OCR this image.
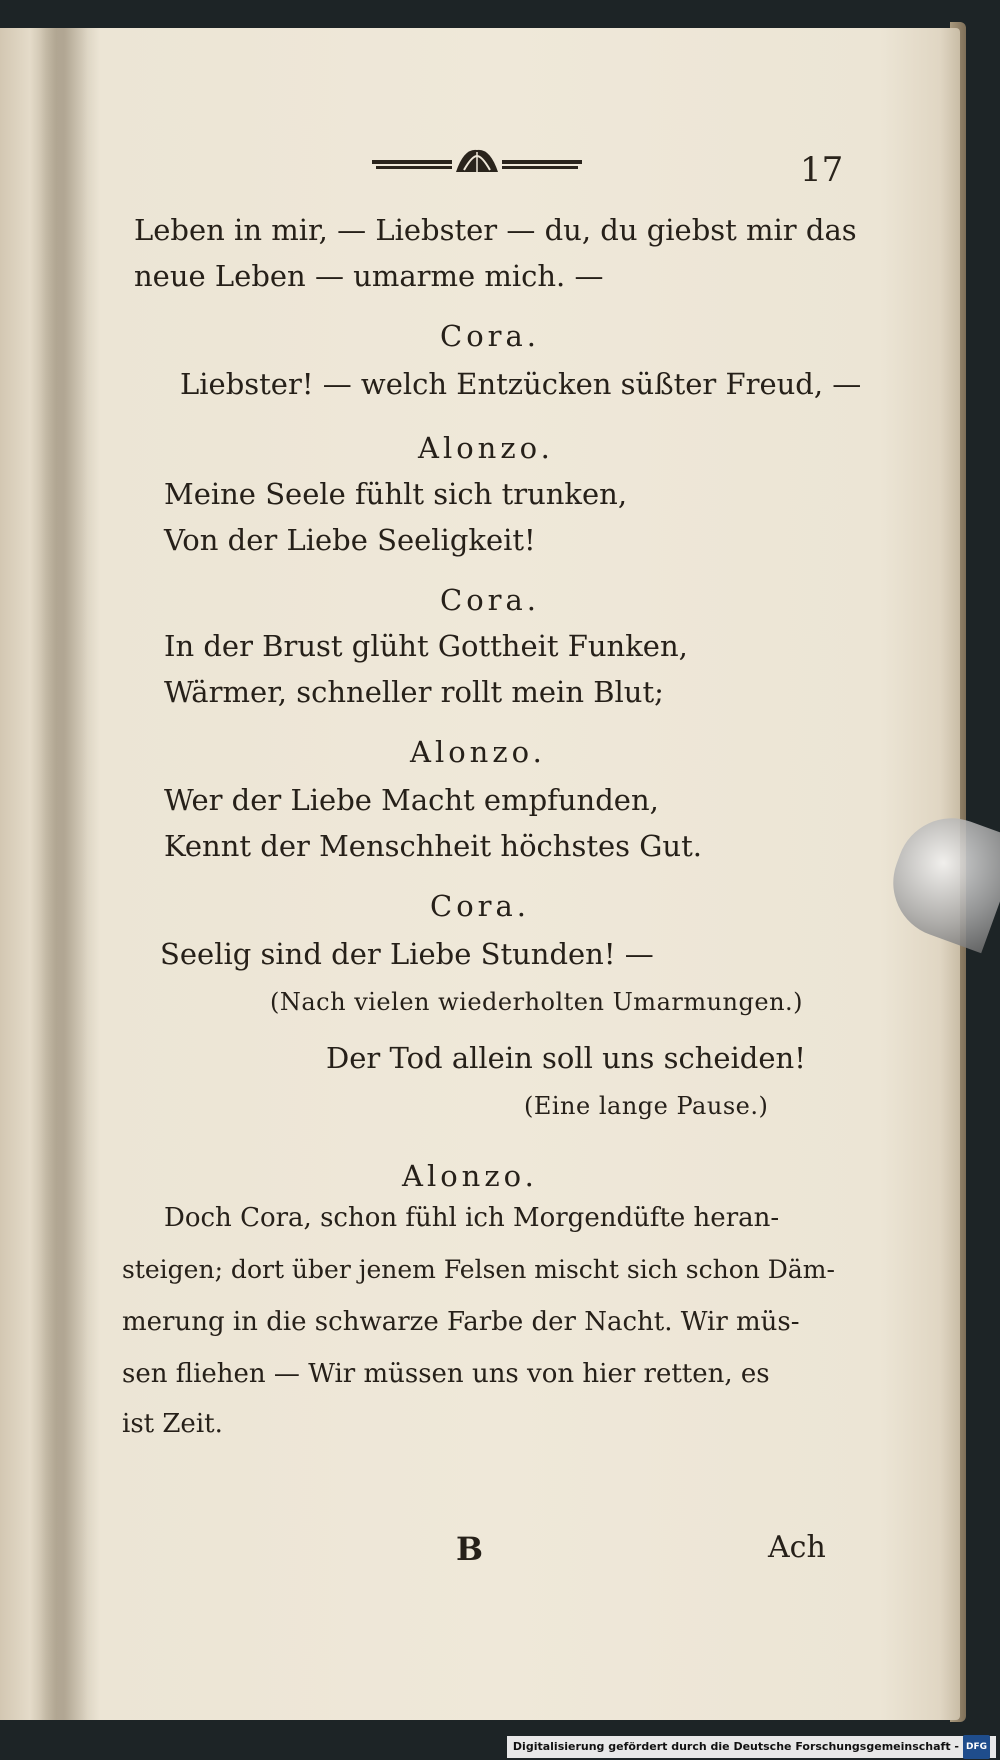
17
Leben in mir, — Liebster — du, du giebst mir das
neue Leben — umarme mich. —
Cora.
Liebster! — welch Entzücken süßter Freud, —
Alonzo.
Meine Seele fühlt sich trunken,
Von der Liebe Seeligkeit!
Cora.
In der Brust glüht Gottheit Funken,
Wärmer, schneller rollt mein Blut;
Alonzo.
Wer der Liebe Macht empfunden,
Kennt der Menschheit höchstes Gut.
Cora.
Seelig sind der Liebe Stunden! —
(Nach vielen wiederholten Umarmungen.)
Der Tod allein soll uns scheiden!
(Eine lange Pause.)
Alonzo.
Doch Cora, schon fühl ich Morgendüfte heran-
steigen; dort über jenem Felsen mischt sich schon Däm-
merung in die schwarze Farbe der Nacht. Wir müs-
sen fliehen — Wir müssen uns von hier retten, es
ist Zeit.
B	Ach
Digitalisierung gefördert durch die Deutsche Forschungsgemeinschaft - DFG
